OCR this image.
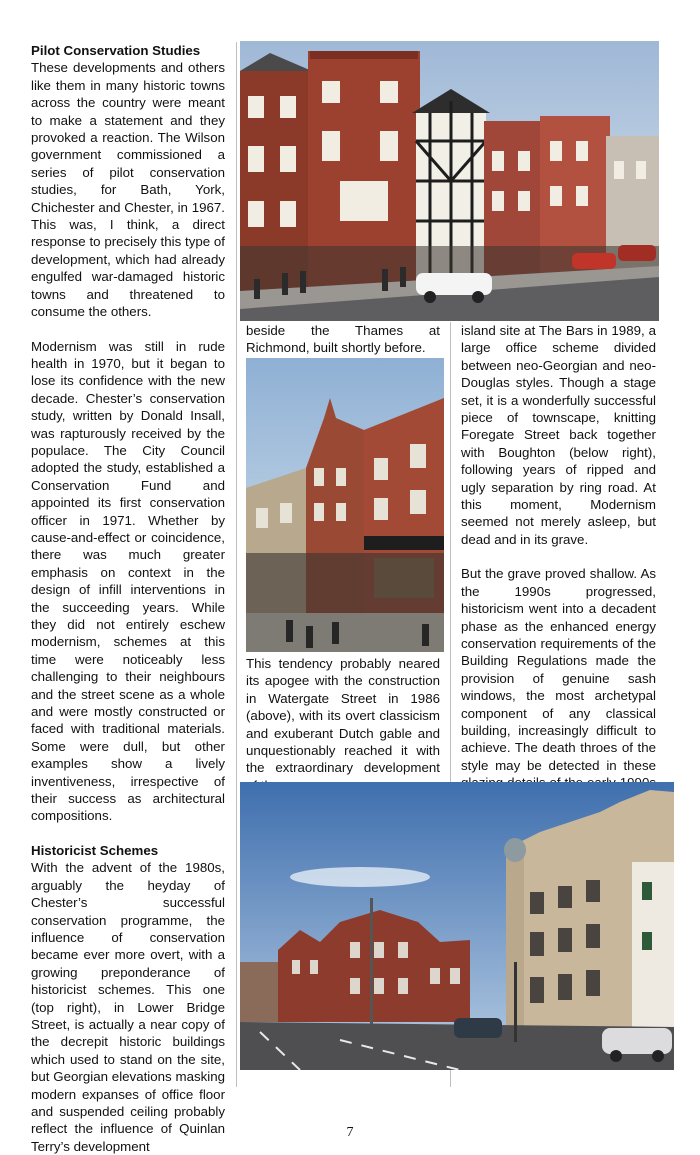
Pilot Conservation Studies

These developments and others like them in many historic towns across the country were meant to make a statement and they provoked a reaction. The Wilson government commissioned a series of pilot conservation studies, for Bath, York, Chichester and Chester, in 1967. This was, I think, a direct response to precisely this type of development, which had already engulfed war-damaged historic towns and threatened to consume the others.

Modernism was still in rude health in 1970, but it began to lose its confidence with the new decade. Chester’s conservation study, written by Donald Insall, was rapturously received by the populace. The City Council adopted the study, established a Conservation Fund and appointed its first conservation officer in 1971. Whether by cause-and-effect or coincidence, there was much greater emphasis on context in the design of infill interventions in the succeeding years. While they did not entirely eschew modernism, schemes at this time were noticeably less challenging to their neighbours and the street scene as a whole and were mostly constructed or faced with traditional materials. Some were dull, but other examples show a lively inventiveness, irrespective of their success as architectural compositions.

Historicist Schemes

With the advent of the 1980s, arguably the heyday of Chester’s successful conservation programme, the influence of conservation became ever more overt, with a growing preponderance of historicist schemes. This one (top right), in Lower Bridge Street, is actually a near copy of the decrepit historic buildings which used to stand on the site, but Georgian elevations masking modern expanses of office floor and suspended ceiling probably reflect the influence of Quinlan Terry’s development

beside the Thames at Richmond, built shortly before.

This tendency probably neared its apogee with the construction in Watergate Street in 1986 (above), with its overt classicism and exuberant Dutch gable and unquestionably reached it with the extraordinary development

island site at The Bars in 1989, a large office scheme divided between neo-Georgian and neo-Douglas styles. Though a stage set, it is a wonderfully successful piece of townscape, knitting Foregate Street back together with Boughton (below right), following years of ripped and ugly separation by ring road. At this moment, Modernism seemed not merely asleep, but dead and in its grave.

But the grave proved shallow. As the 1990s progressed, historicism went into a decadent phase as the enhanced energy conservation requirements of the Building Regulations made the provision of genuine sash windows, the most archetypal component of any classical building, increasingly difficult to achieve. The death throes of the style may be detected in these

7
